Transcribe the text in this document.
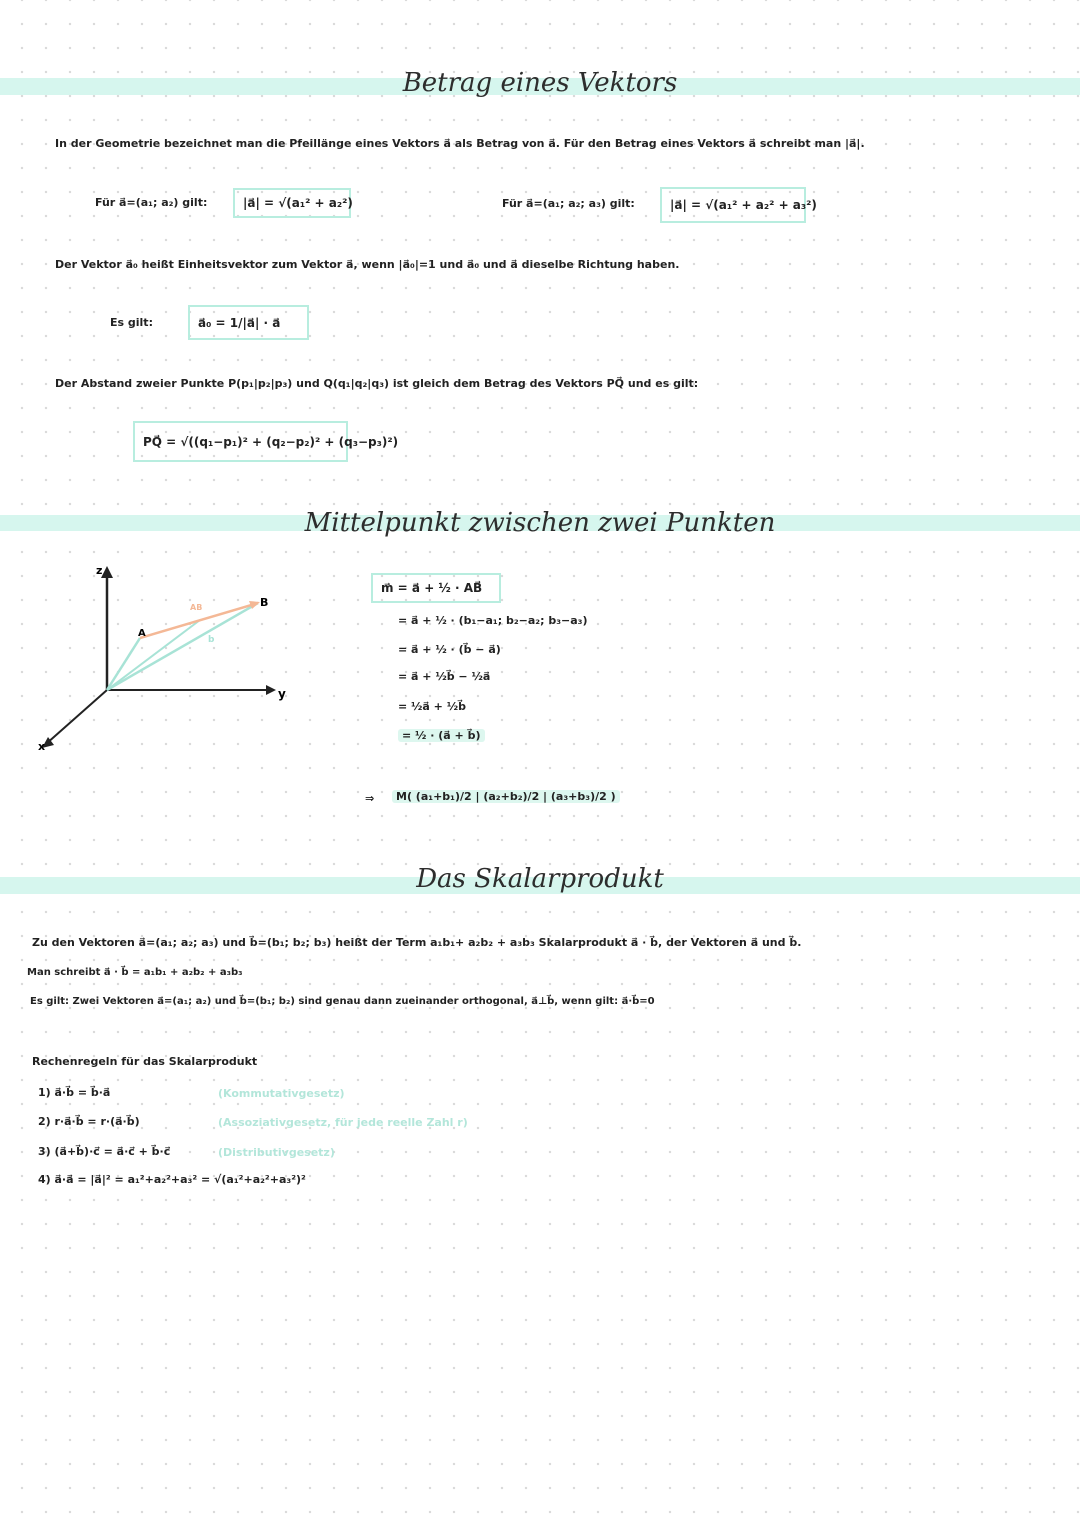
Betrag eines Vektors
In der Geometrie bezeichnet man die Pfeillänge eines Vektors a⃗ als Betrag von a⃗. Für den Betrag eines Vektors a⃗ schreibt man |a⃗|.
Für a⃗=(a₁; a₂) gilt:	|a⃗| = √(a₁² + a₂²)	Für a⃗=(a₁; a₂; a₃) gilt:	|a⃗| = √(a₁² + a₂² + a₃²)
Der Vektor a⃗₀ heißt Einheitsvektor zum Vektor a⃗, wenn |a⃗₀|=1 und a⃗₀ und a⃗ dieselbe Richtung haben.
Es gilt:	a⃗₀ = 1/|a⃗| · a⃗
Der Abstand zweier Punkte P(p₁|p₂|p₃) und Q(q₁|q₂|q₃) ist gleich dem Betrag des Vektors PQ⃗ und es gilt:
PQ⃗ = √((q₁−p₁)² + (q₂−p₂)² + (q₃−p₃)²)
Mittelpunkt zwischen zwei Punkten
z
y
x
A
B
AB
b
m⃗ = a⃗ + ½ · AB⃗
= a⃗ + ½ · (b₁−a₁; b₂−a₂; b₃−a₃)
= a⃗ + ½ · (b⃗ − a⃗)
= a⃗ + ½b⃗ − ½a⃗
= ½a⃗ + ½b⃗
= ½ · (a⃗ + b⃗)
⇒	M( (a₁+b₁)/2 | (a₂+b₂)/2 | (a₃+b₃)/2 )
Das Skalarprodukt
Zu den Vektoren a⃗=(a₁; a₂; a₃) und b⃗=(b₁; b₂; b₃) heißt der Term a₁b₁+ a₂b₂ + a₃b₃ Skalarprodukt a⃗ · b⃗, der Vektoren a⃗ und b⃗.
Man schreibt a⃗ · b⃗ = a₁b₁ + a₂b₂ + a₃b₃
Es gilt: Zwei Vektoren a⃗=(a₁; a₂) und b⃗=(b₁; b₂) sind genau dann zueinander orthogonal, a⃗⊥b⃗, wenn gilt: a⃗·b⃗=0
Rechenregeln für das Skalarprodukt
1) a⃗·b⃗ = b⃗·a⃗	(Kommutativgesetz)
2) r·a⃗·b⃗ = r·(a⃗·b⃗)	(Assoziativgesetz, für jede reelle Zahl r)
3) (a⃗+b⃗)·c⃗ = a⃗·c⃗ + b⃗·c⃗	(Distributivgesetz)
4) a⃗·a⃗ = |a⃗|² = a₁²+a₂²+a₃² = √(a₁²+a₂²+a₃²)²
